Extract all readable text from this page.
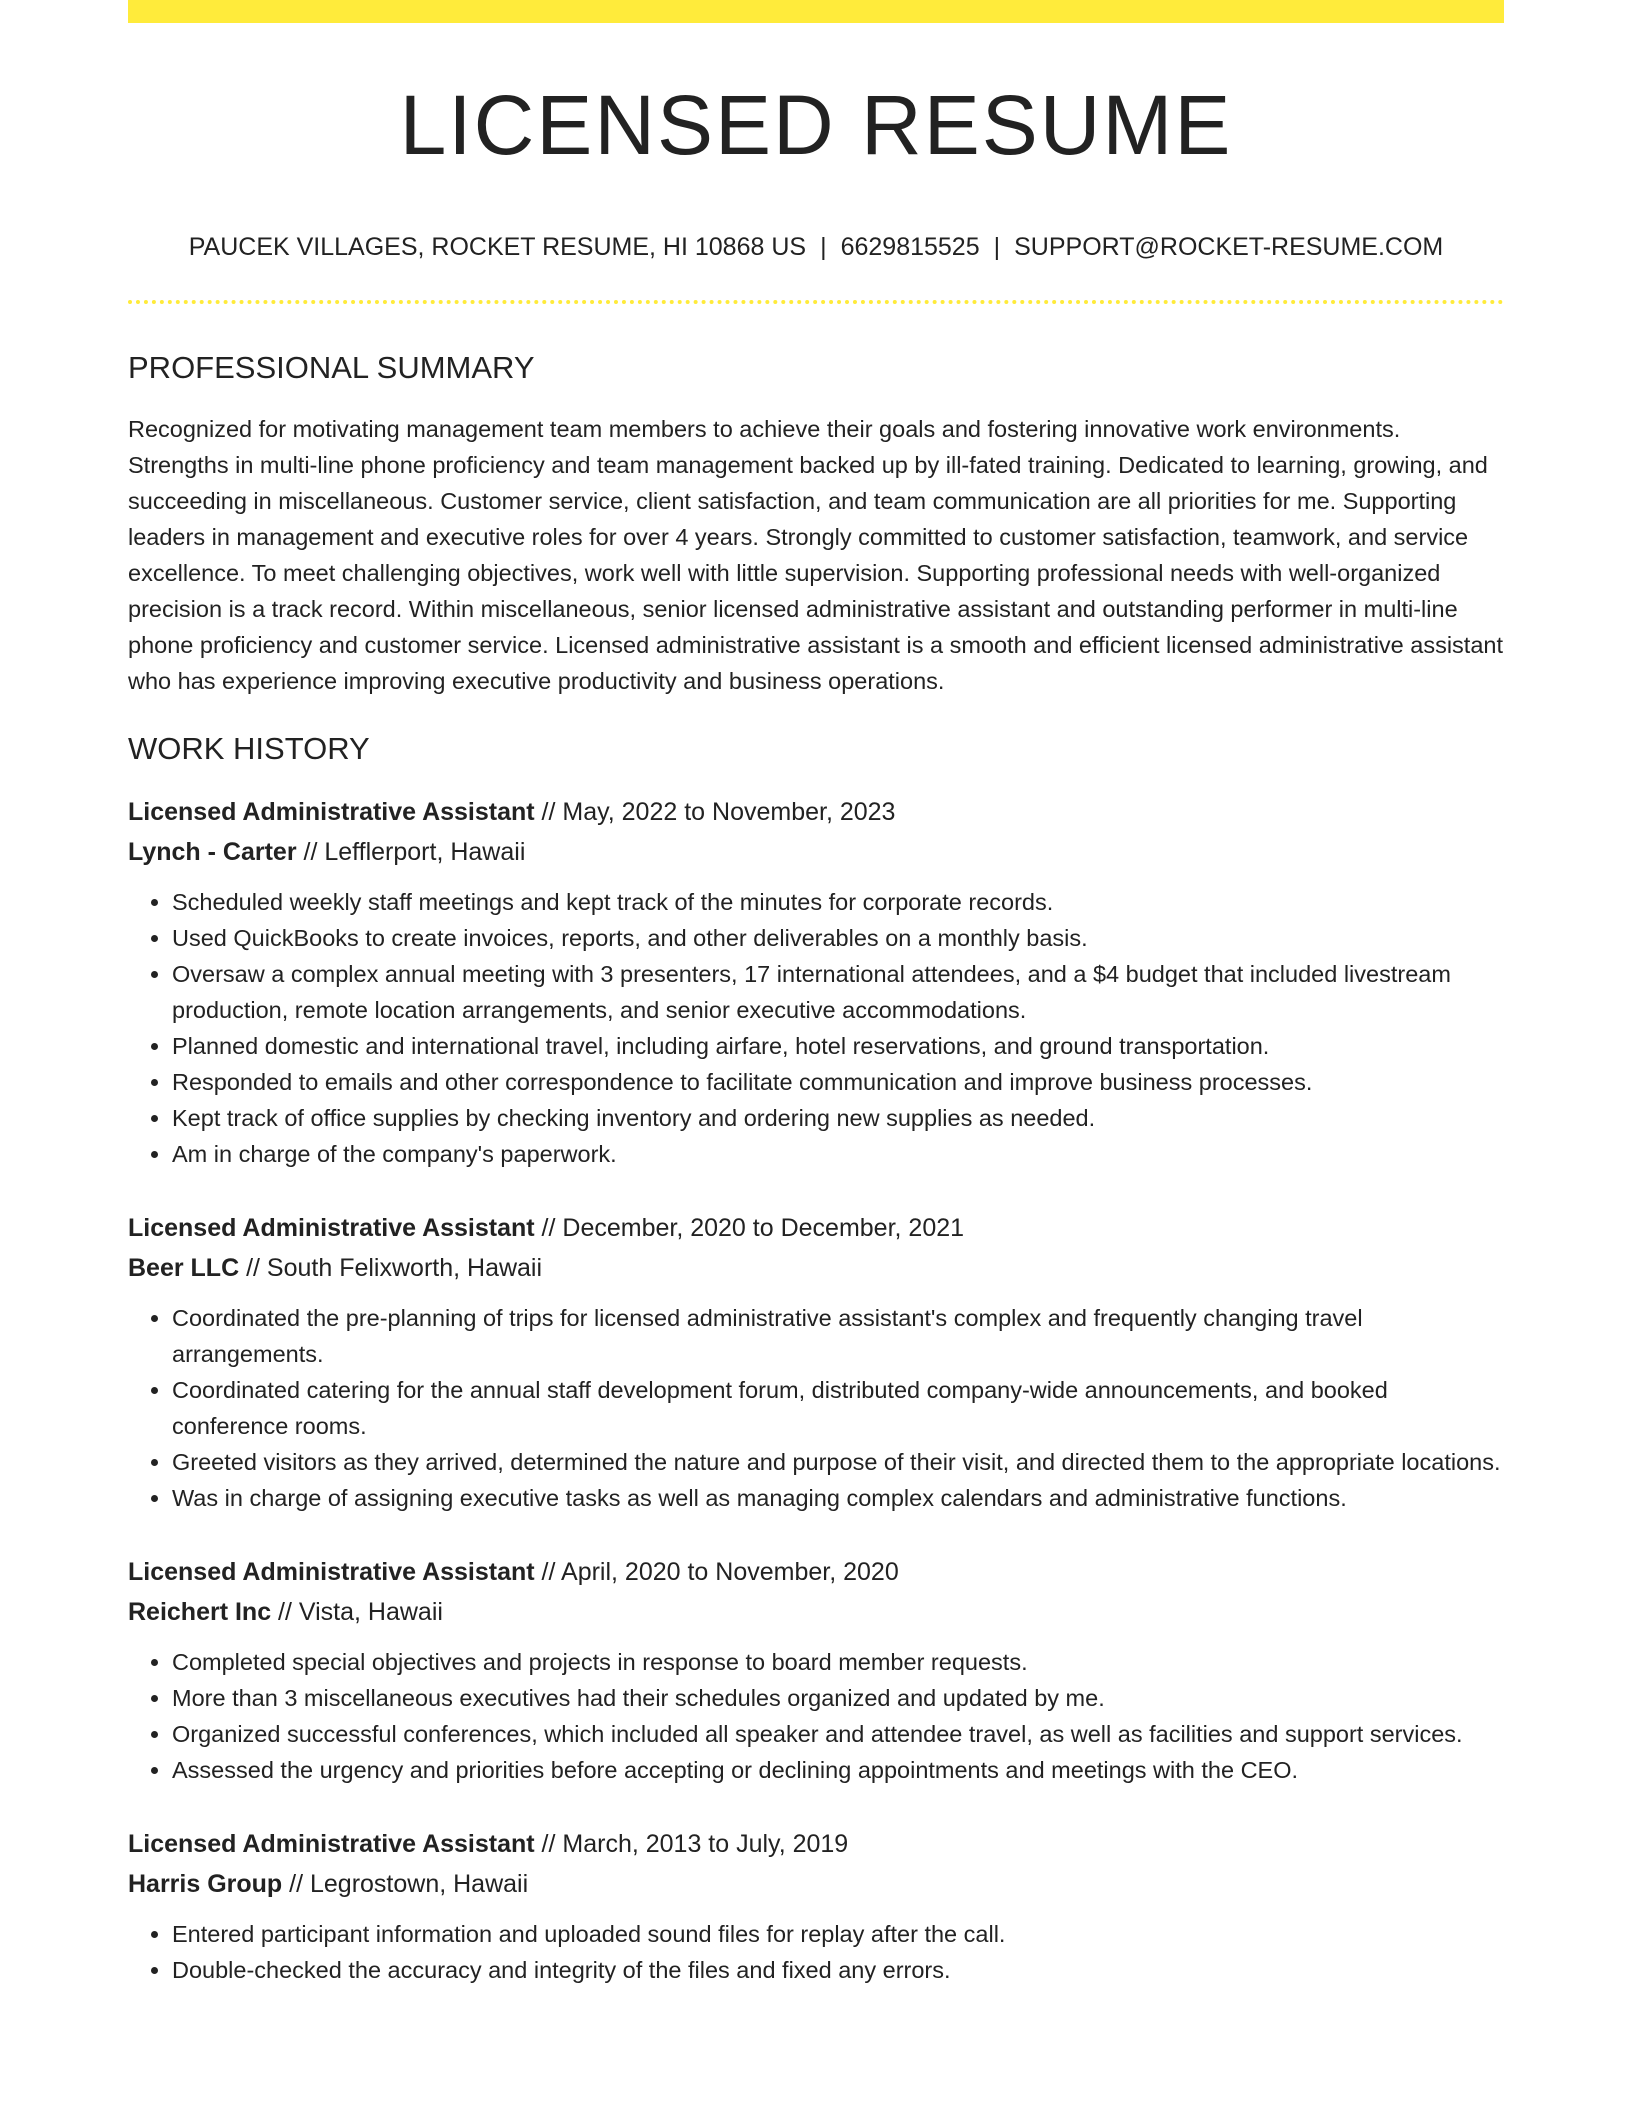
LICENSED RESUME
PAUCEK VILLAGES, ROCKET RESUME, HI 10868 US | 6629815525 | SUPPORT@ROCKET-RESUME.COM
PROFESSIONAL SUMMARY

Recognized for motivating management team members to achieve their goals and fostering innovative work environments. Strengths in multi-line phone proficiency and team management backed up by ill-fated training. Dedicated to learning, growing, and succeeding in miscellaneous. Customer service, client satisfaction, and team communication are all priorities for me. Supporting leaders in management and executive roles for over 4 years. Strongly committed to customer satisfaction, teamwork, and service excellence. To meet challenging objectives, work well with little supervision. Supporting professional needs with well-organized precision is a track record. Within miscellaneous, senior licensed administrative assistant and outstanding performer in multi-line phone proficiency and customer service. Licensed administrative assistant is a smooth and efficient licensed administrative assistant who has experience improving executive productivity and business operations.

WORK HISTORY
Licensed Administrative Assistant // May, 2022 to November, 2023
Lynch - Carter // Lefflerport, Hawaii
• Scheduled weekly staff meetings and kept track of the minutes for corporate records.
• Used QuickBooks to create invoices, reports, and other deliverables on a monthly basis.
• Oversaw a complex annual meeting with 3 presenters, 17 international attendees, and a $4 budget that included livestream production, remote location arrangements, and senior executive accommodations.
• Planned domestic and international travel, including airfare, hotel reservations, and ground transportation.
• Responded to emails and other correspondence to facilitate communication and improve business processes.
• Kept track of office supplies by checking inventory and ordering new supplies as needed.
• Am in charge of the company's paperwork.
Licensed Administrative Assistant // December, 2020 to December, 2021
Beer LLC // South Felixworth, Hawaii
• Coordinated the pre-planning of trips for licensed administrative assistant's complex and frequently changing travel arrangements.
• Coordinated catering for the annual staff development forum, distributed company-wide announcements, and booked conference rooms.
• Greeted visitors as they arrived, determined the nature and purpose of their visit, and directed them to the appropriate locations.
• Was in charge of assigning executive tasks as well as managing complex calendars and administrative functions.
Licensed Administrative Assistant // April, 2020 to November, 2020
Reichert Inc // Vista, Hawaii
• Completed special objectives and projects in response to board member requests.
• More than 3 miscellaneous executives had their schedules organized and updated by me.
• Organized successful conferences, which included all speaker and attendee travel, as well as facilities and support services.
• Assessed the urgency and priorities before accepting or declining appointments and meetings with the CEO.
Licensed Administrative Assistant // March, 2013 to July, 2019
Harris Group // Legrostown, Hawaii
• Entered participant information and uploaded sound files for replay after the call.
• Double-checked the accuracy and integrity of the files and fixed any errors.
